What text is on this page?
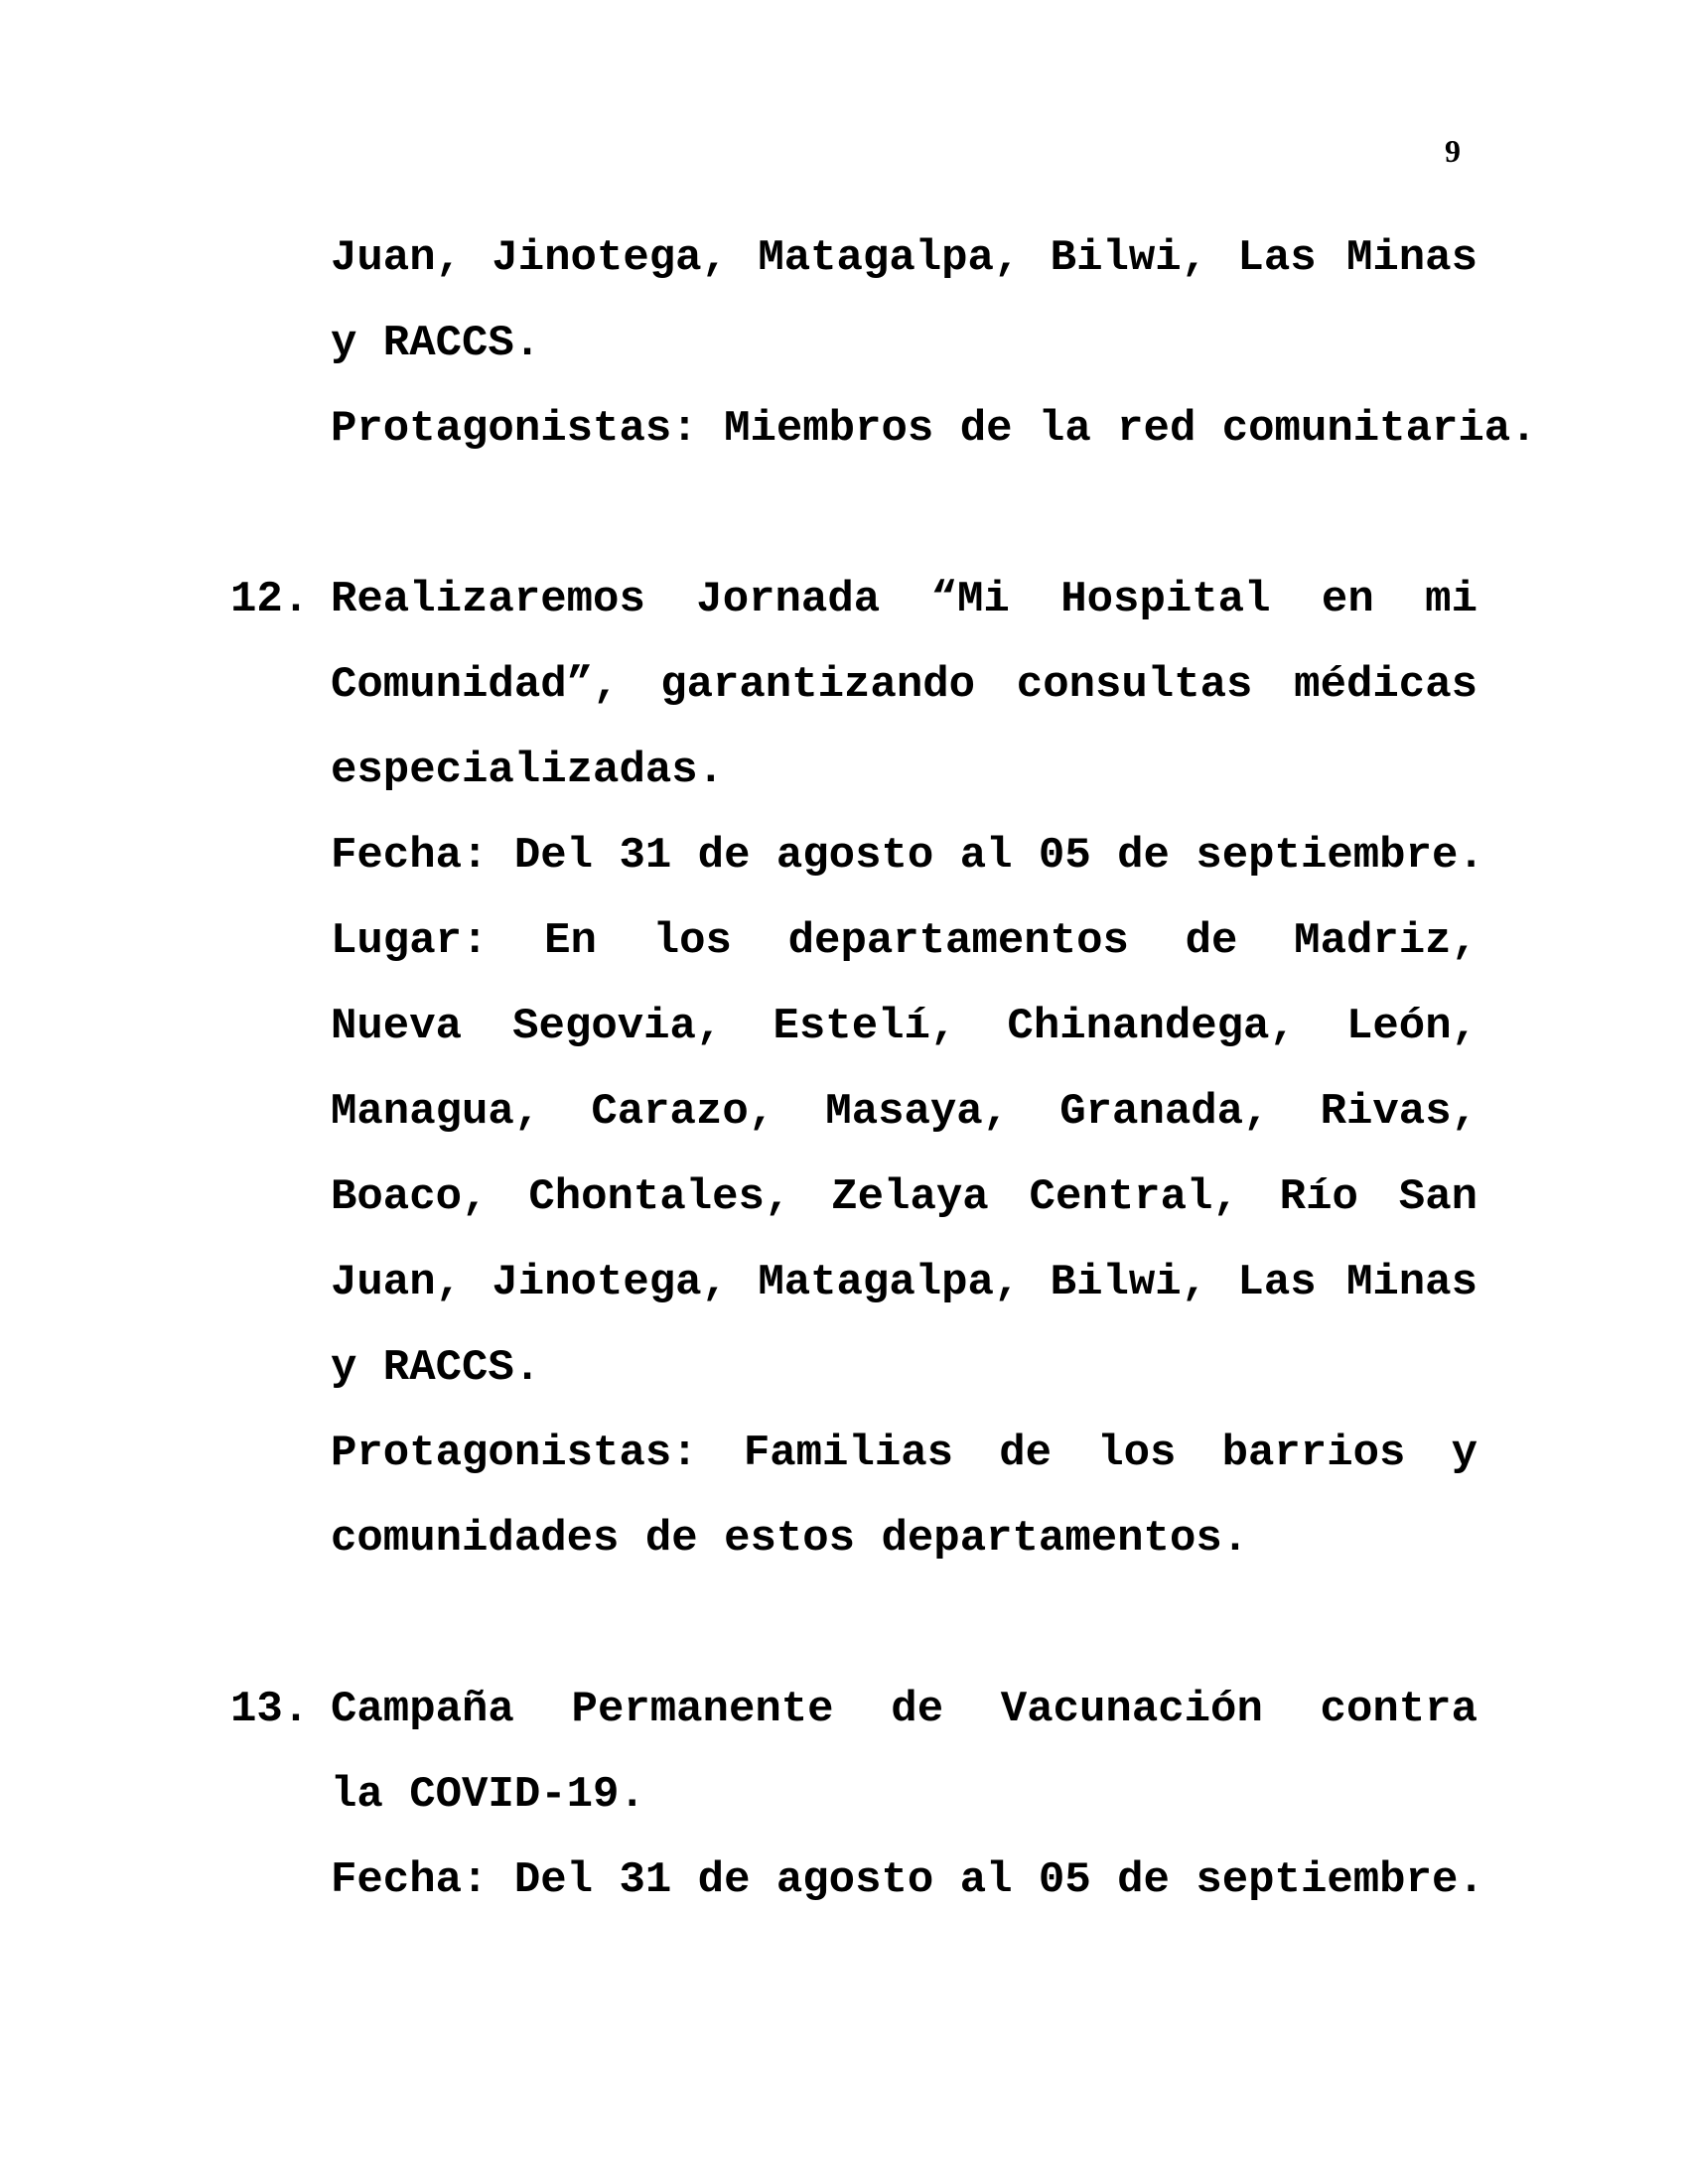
9
Juan, Jinotega, Matagalpa, Bilwi, Las Minas
y RACCS.
Protagonistas: Miembros de la red comunitaria.
12. Realizaremos Jornada “Mi Hospital en mi
Comunidad”, garantizando consultas médicas
especializadas.
Fecha: Del 31 de agosto al 05 de septiembre.
Lugar: En los departamentos de Madriz,
Nueva Segovia, Estelí, Chinandega, León,
Managua, Carazo, Masaya, Granada, Rivas,
Boaco, Chontales, Zelaya Central, Río San
Juan, Jinotega, Matagalpa, Bilwi, Las Minas
y RACCS.
Protagonistas: Familias de los barrios y
comunidades de estos departamentos.
13. Campaña Permanente de Vacunación contra
la COVID-19.
Fecha: Del 31 de agosto al 05 de septiembre.
